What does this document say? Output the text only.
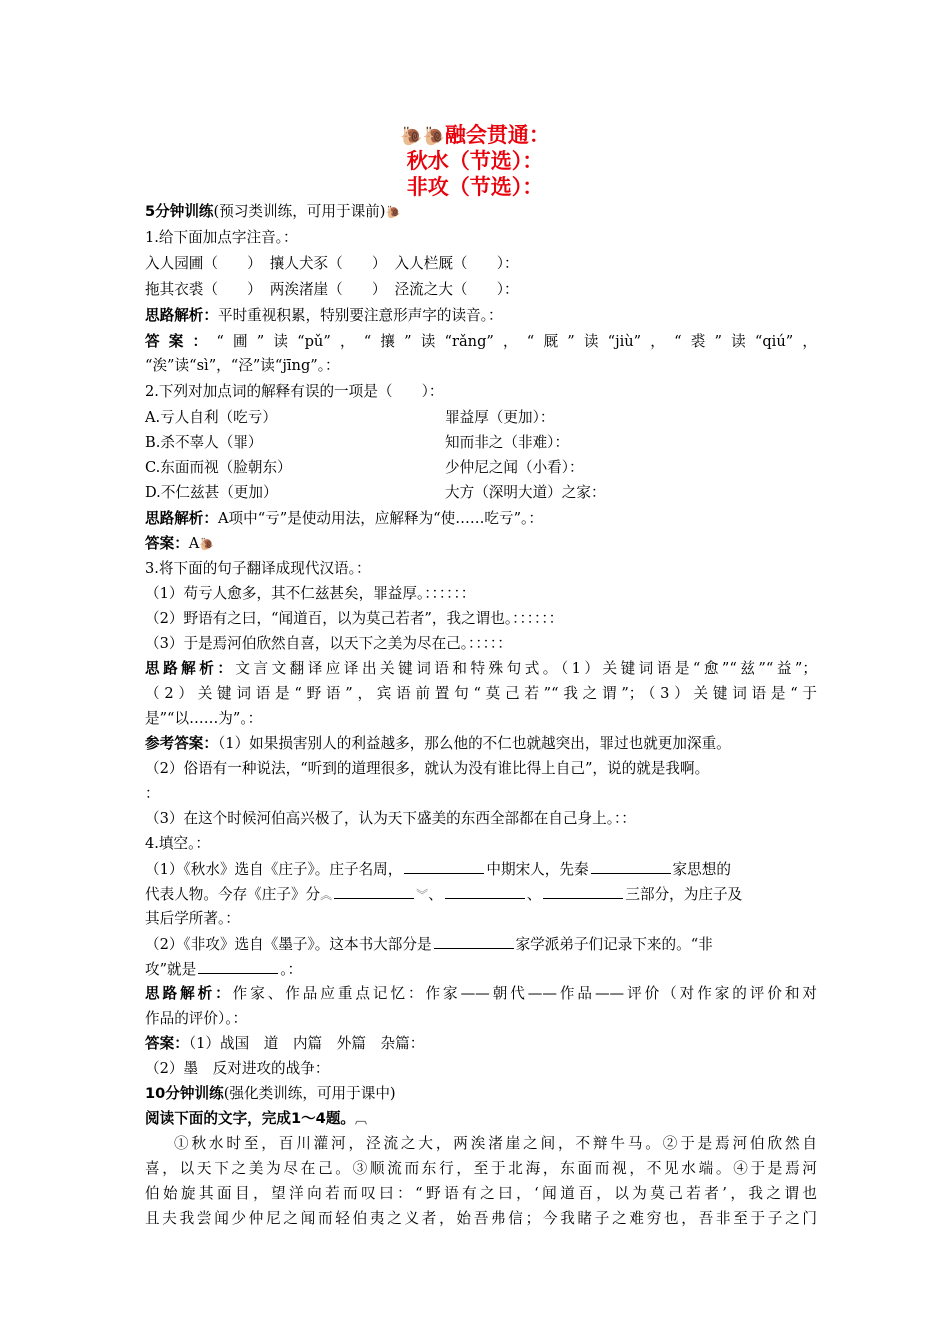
🐌🐌融会贯通：
秋水（节选）：
非攻（节选）：
5分钟训练(预习类训练，可用于课前)🐌
1.给下面加点字注音。：
入人园圃（　　） 攘人犬豕（　　） 入人栏厩（　　）：
拖其衣裘（　　） 两涘渚崖（　　） 泾流之大（　　）：
思路解析：平时重视积累，特别要注意形声字的读音。：
答案：“圃”读“pǔ”，“攘”读“rǎng”，“厩”读“jiù”，“裘”读“qiú”，
“涘”读“sì”，“泾”读“jīng”。：
2.下列对加点词的解释有误的一项是（　　）：
A.亏人自利（吃亏）	罪益厚（更加）：
B.杀不辜人（罪）	知而非之（非难）：
C.东面而视（脸朝东）	少仲尼之闻（小看）：
D.不仁兹甚（更加）	大方（深明大道）之家：
思路解析：A项中“亏”是使动用法，应解释为“使……吃亏”。：
答案：A🐌
3.将下面的句子翻译成现代汉语。：
（1）苟亏人愈多，其不仁兹甚矣，罪益厚。：：：：：：
（2）野语有之曰，“闻道百，以为莫己若者”，我之谓也。：：：：：：
（3）于是焉河伯欣然自喜，以天下之美为尽在己。：：：：：
思路解析：文言文翻译应译出关键词语和特殊句式。（1）关键词语是“愈”“兹”“益”；
（2）关键词语是“野语”，宾语前置句“莫己若”“我之谓”；（3）关键词语是“于
是”“以……为”。：
参考答案：（1）如果损害别人的利益越多，那么他的不仁也就越突出，罪过也就更加深重。
（2）俗语有一种说法，“听到的道理很多，就认为没有谁比得上自己”，说的就是我啊。
：
（3）在这个时候河伯高兴极了，认为天下盛美的东西全部都在自己身上。：：
4.填空。：
（1）《秋水》选自《庄子》。庄子名周，	中期宋人，先秦	家思想的
代表人物。今存《庄子》分︽	︾、	、	三部分，为庄子及
其后学所著。：
（2）《非攻》选自《墨子》。这本书大部分是	家学派弟子们记录下来的。“非
攻”就是	。：
思路解析：作家、作品应重点记忆：作家——朝代——作品——评价（对作家的评价和对
作品的评价）。：
答案：（1）战国　道　内篇　外篇　杂篇：
（2）墨　反对进攻的战争：
10分钟训练(强化类训练，可用于课中)
阅读下面的文字，完成1～4题。︹
①秋水时至，百川灌河，泾流之大，两涘渚崖之间，不辩牛马。②于是焉河伯欣然自
喜，以天下之美为尽在己。③顺流而东行，至于北海，东面而视，不见水端。④于是焉河
伯始旋其面目，望洋向若而叹曰：“野语有之曰，‘闻道百，以为莫己若者’，我之谓也
且夫我尝闻少仲尼之闻而轻伯夷之义者，始吾弗信；今我睹子之难穷也，吾非至于子之门
